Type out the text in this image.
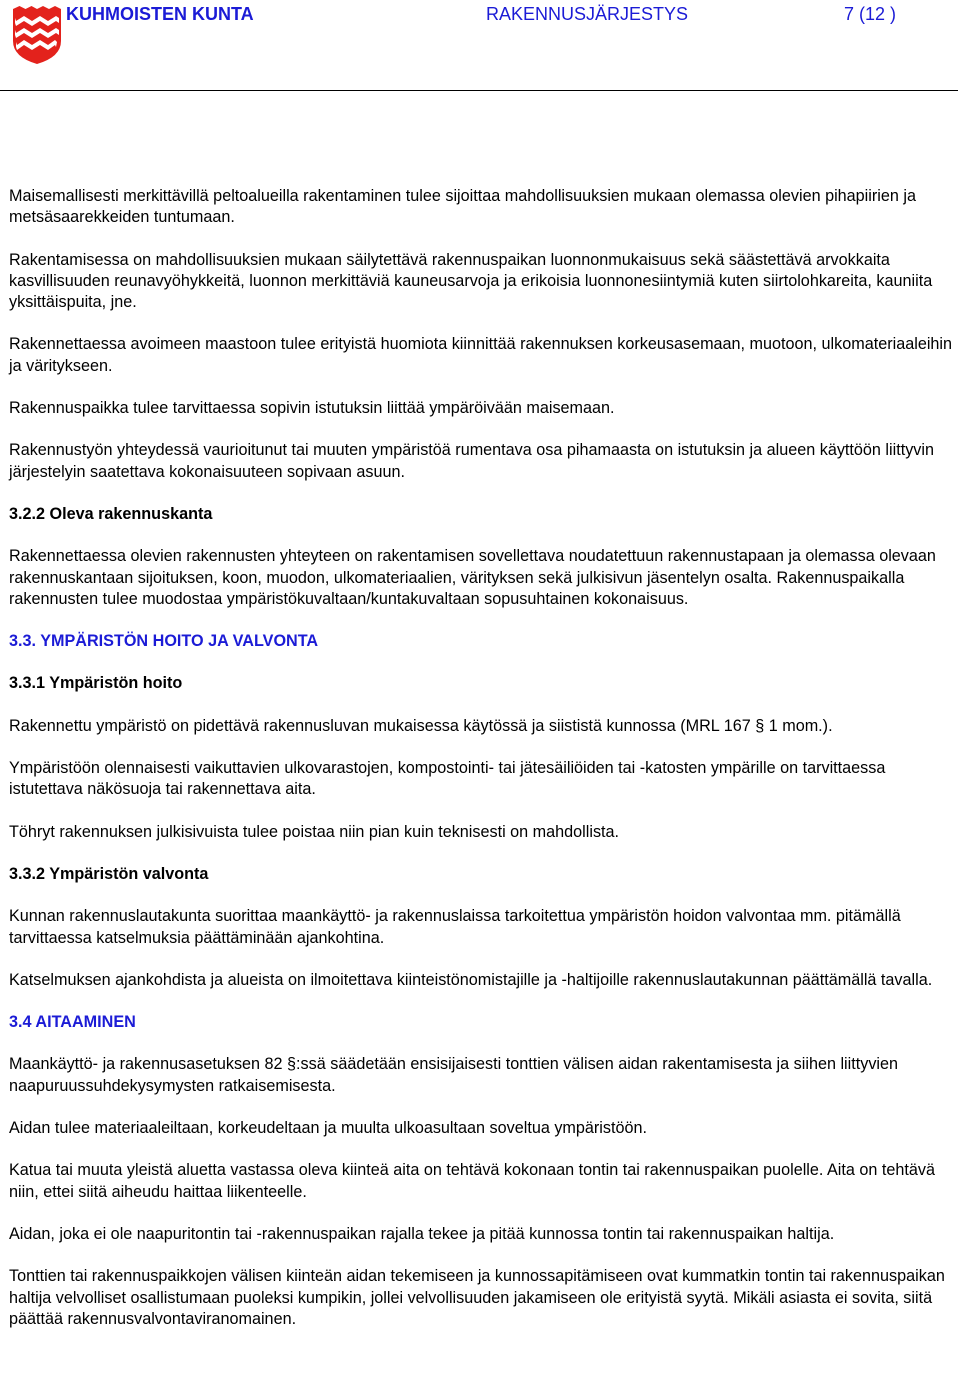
KUHMOISTEN KUNTA	RAKENNUSJÄRJESTYS	7 (12 )

Maisemallisesti merkittävillä peltoalueilla rakentaminen tulee sijoittaa mahdollisuuksien mukaan olemassa olevien pihapiirien ja metsäsaarekkeiden tuntumaan.

Rakentamisessa on mahdollisuuksien mukaan säilytettävä rakennuspaikan luonnonmukaisuus sekä säästettävä arvokkaita kasvillisuuden reunavyöhykkeitä, luonnon merkittäviä kauneusarvoja ja erikoisia luonnonesiintymiä kuten siirtolohkareita, kauniita yksittäispuita, jne.

Rakennettaessa avoimeen maastoon tulee erityistä huomiota kiinnittää rakennuksen korkeusasemaan, muotoon, ulkomateriaaleihin ja väritykseen.

Rakennuspaikka tulee tarvittaessa sopivin istutuksin liittää ympäröivään maisemaan.

Rakennustyön yhteydessä vaurioitunut tai muuten ympäristöä rumentava osa pihamaasta on istutuksin ja alueen käyttöön liittyvin järjestelyin saatettava kokonaisuuteen sopivaan asuun.

3.2.2 Oleva rakennuskanta

Rakennettaessa olevien rakennusten yhteyteen on rakentamisen sovellettava noudatettuun rakennustapaan ja olemassa olevaan rakennuskantaan sijoituksen, koon, muodon, ulkomateriaalien, värityksen sekä julkisivun jäsentelyn osalta. Rakennuspaikalla rakennusten tulee muodostaa ympäristökuvaltaan/kuntakuvaltaan sopusuhtainen kokonaisuus.

3.3. YMPÄRISTÖN HOITO JA VALVONTA

3.3.1 Ympäristön hoito

Rakennettu ympäristö on pidettävä rakennusluvan mukaisessa käytössä ja siististä kunnossa (MRL 167 § 1 mom.).

Ympäristöön olennaisesti vaikuttavien ulkovarastojen, kompostointi- tai jätesäiliöiden tai -katosten ympärille on tarvittaessa istutettava näkösuoja tai rakennettava aita.

Töhryt rakennuksen julkisivuista tulee poistaa niin pian kuin teknisesti on mahdollista.

3.3.2 Ympäristön valvonta

Kunnan rakennuslautakunta suorittaa maankäyttö- ja rakennuslaissa tarkoitettua ympäristön hoidon valvontaa mm. pitämällä tarvittaessa katselmuksia päättäminään ajankohtina.

Katselmuksen ajankohdista ja alueista on ilmoitettava kiinteistönomistajille ja -haltijoille rakennuslautakunnan päättämällä tavalla.

3.4 AITAAMINEN

Maankäyttö- ja rakennusasetuksen 82 §:ssä säädetään ensisijaisesti tonttien välisen aidan rakentamisesta ja siihen liittyvien naapuruussuhdekysymysten ratkaisemisesta.

Aidan tulee materiaaleiltaan, korkeudeltaan ja muulta ulkoasultaan soveltua ympäristöön.

Katua tai muuta yleistä aluetta vastassa oleva kiinteä aita on tehtävä kokonaan tontin tai rakennuspaikan puolelle. Aita on tehtävä niin, ettei siitä aiheudu haittaa liikenteelle.

Aidan, joka ei ole naapuritontin tai -rakennuspaikan rajalla tekee ja pitää kunnossa tontin tai rakennuspaikan haltija.

Tonttien tai rakennuspaikkojen välisen kiinteän aidan tekemiseen ja kunnossapitämiseen ovat kummatkin tontin tai rakennuspaikan haltija velvolliset osallistumaan puoleksi kumpikin, jollei velvollisuuden jakamiseen ole erityistä syytä. Mikäli asiasta ei sovita, siitä päättää rakennusvalvontaviranomainen.
